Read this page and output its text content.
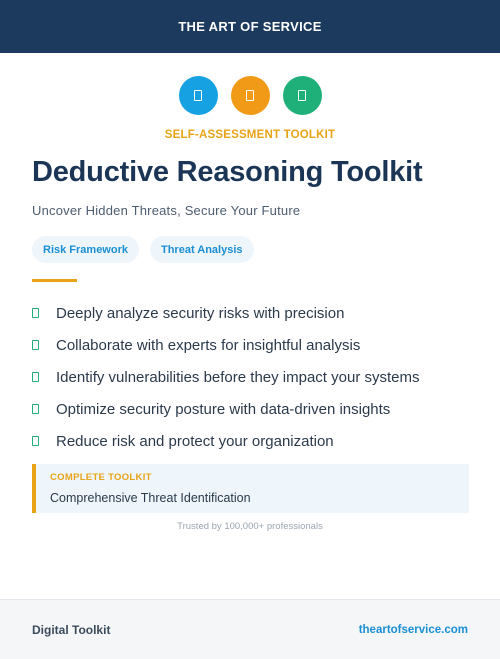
THE ART OF SERVICE
SELF-ASSESSMENT TOOLKIT
Deductive Reasoning Toolkit
Uncover Hidden Threats, Secure Your Future
Risk Framework	Threat Analysis
Deeply analyze security risks with precision
Collaborate with experts for insightful analysis
Identify vulnerabilities before they impact your systems
Optimize security posture with data-driven insights
Reduce risk and protect your organization
COMPLETE TOOLKIT
Comprehensive Threat Identification
Trusted by 100,000+ professionals
Digital Toolkit	theartofservice.com
